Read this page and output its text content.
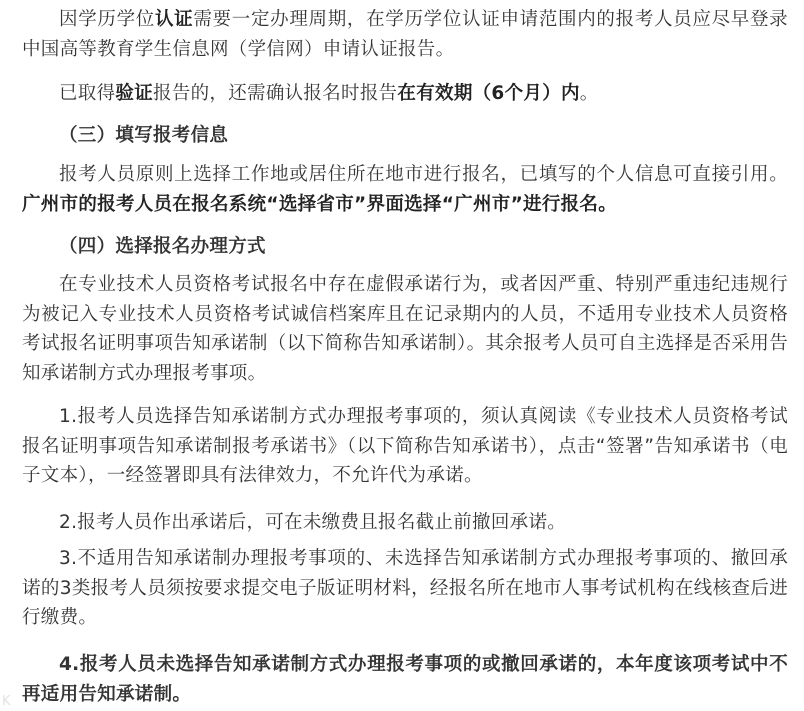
因学历学位认证需要一定办理周期，在学历学位认证申请范围内的报考人员应尽早登录中国高等教育学生信息网（学信网）申请认证报告。

已取得验证报告的，还需确认报名时报告在有效期（6个月）内。

（三）填写报考信息

报考人员原则上选择工作地或居住所在地市进行报名，已填写的个人信息可直接引用。广州市的报考人员在报名系统“选择省市”界面选择“广州市”进行报名。

（四）选择报名办理方式

在专业技术人员资格考试报名中存在虚假承诺行为，或者因严重、特别严重违纪违规行为被记入专业技术人员资格考试诚信档案库且在记录期内的人员，不适用专业技术人员资格考试报名证明事项告知承诺制（以下简称告知承诺制）。其余报考人员可自主选择是否采用告知承诺制方式办理报考事项。

1.报考人员选择告知承诺制方式办理报考事项的，须认真阅读《专业技术人员资格考试报名证明事项告知承诺制报考承诺书》（以下简称告知承诺书），点击“签署”告知承诺书（电子文本），一经签署即具有法律效力，不允许代为承诺。

2.报考人员作出承诺后，可在未缴费且报名截止前撤回承诺。

3.不适用告知承诺制办理报考事项的、未选择告知承诺制方式办理报考事项的、撤回承诺的3类报考人员须按要求提交电子版证明材料，经报名所在地市人事考试机构在线核查后进行缴费。

4.报考人员未选择告知承诺制方式办理报考事项的或撤回承诺的，本年度该项考试中不再适用告知承诺制。

K
